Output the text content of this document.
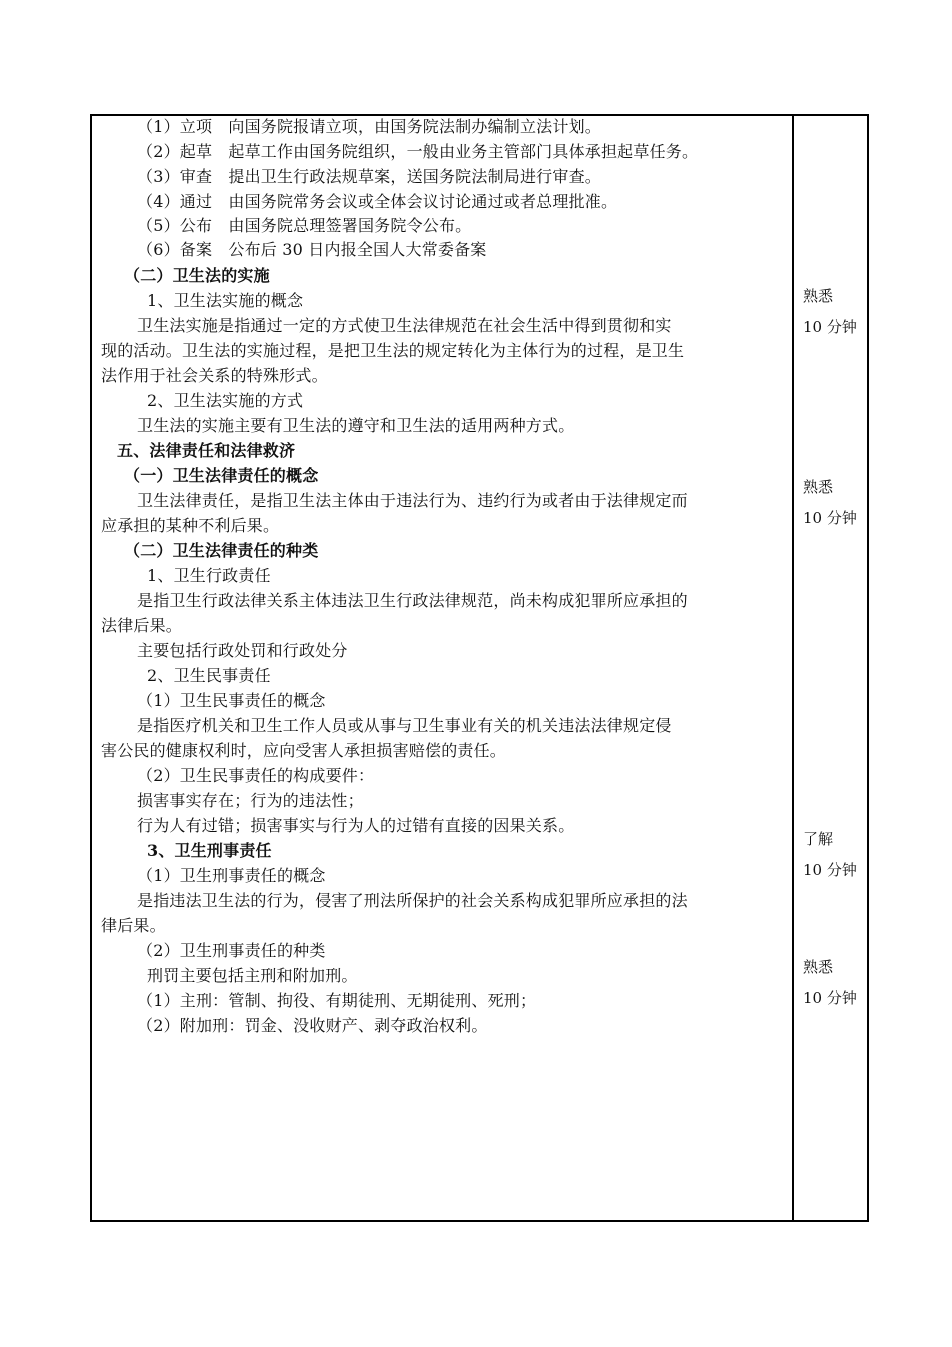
（1）立项　向国务院报请立项，由国务院法制办编制立法计划。
（2）起草　起草工作由国务院组织，一般由业务主管部门具体承担起草任务。
（3）审查　提出卫生行政法规草案，送国务院法制局进行审查。
（4）通过　由国务院常务会议或全体会议讨论通过或者总理批准。
（5）公布　由国务院总理签署国务院令公布。
（6）备案　公布后 30 日内报全国人大常委备案
（二）卫生法的实施
1、卫生法实施的概念
卫生法实施是指通过一定的方式使卫生法律规范在社会生活中得到贯彻和实
现的活动。卫生法的实施过程，是把卫生法的规定转化为主体行为的过程，是卫生
法作用于社会关系的特殊形式。
2、卫生法实施的方式
卫生法的实施主要有卫生法的遵守和卫生法的适用两种方式。
五、法律责任和法律救济
（一）卫生法律责任的概念
卫生法律责任，是指卫生法主体由于违法行为、违约行为或者由于法律规定而
应承担的某种不利后果。
（二）卫生法律责任的种类
1、卫生行政责任
是指卫生行政法律关系主体违法卫生行政法律规范，尚未构成犯罪所应承担的
法律后果。
主要包括行政处罚和行政处分
2、卫生民事责任
（1）卫生民事责任的概念
是指医疗机关和卫生工作人员或从事与卫生事业有关的机关违法法律规定侵
害公民的健康权利时，应向受害人承担损害赔偿的责任。
（2）卫生民事责任的构成要件：
损害事实存在；行为的违法性；
行为人有过错；损害事实与行为人的过错有直接的因果关系。
3、卫生刑事责任
（1）卫生刑事责任的概念
是指违法卫生法的行为，侵害了刑法所保护的社会关系构成犯罪所应承担的法
律后果。
（2）卫生刑事责任的种类
刑罚主要包括主刑和附加刑。
（1）主刑：管制、拘役、有期徒刑、无期徒刑、死刑；
（2）附加刑：罚金、没收财产、剥夺政治权利。
熟悉
10 分钟
熟悉
10 分钟
了解
10 分钟
熟悉
10 分钟
